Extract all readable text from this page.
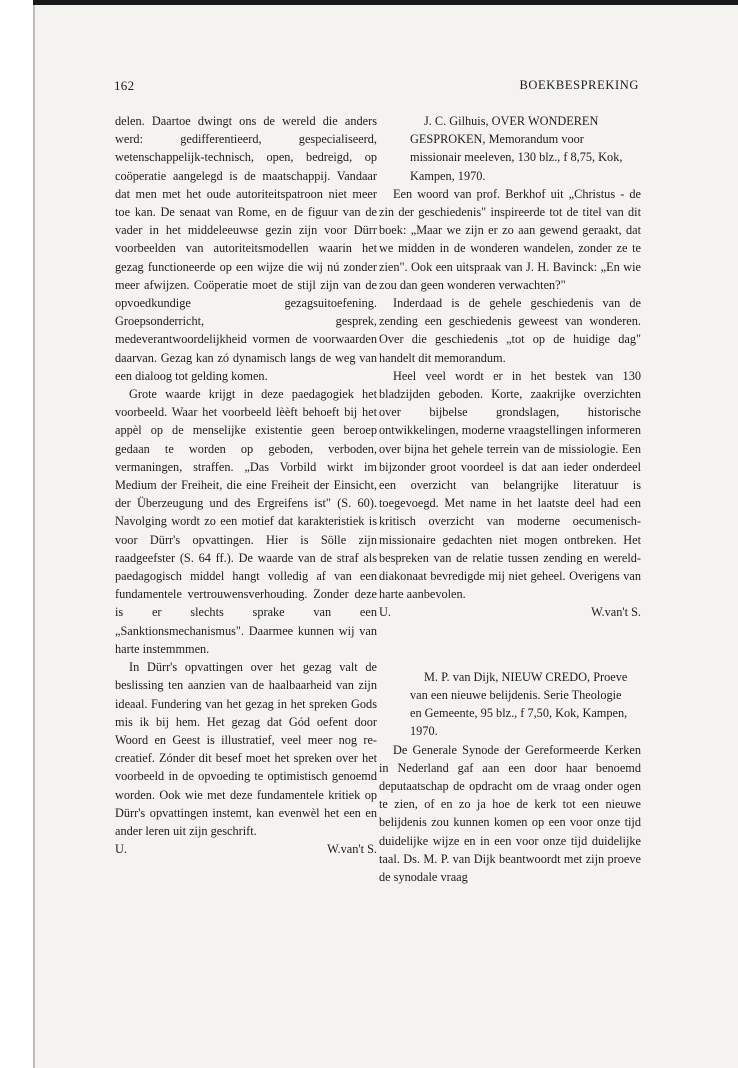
162	BOEKBESPREKING

delen. Daartoe dwingt ons de wereld die anders werd: gedifferentieerd, gespecialiseerd, wetenschappelijk-technisch, open, bedreigd, op coöperatie aangelegd is de maatschappij. Vandaar dat men met het oude autoriteitspatroon niet meer toe kan. De senaat van Rome, en de figuur van de vader in het middeleeuwse gezin zijn voor Dürr voorbeelden van autoriteitsmodellen waarin het gezag functioneerde op een wijze die wij nú zonder meer afwijzen. Coöperatie moet de stijl zijn van de opvoedkundige gezagsuitoefening. Groepsonderricht, gesprek, medeverantwoordelijkheid vormen de voorwaarden daarvan. Gezag kan zó dynamisch langs de weg van een dialoog tot gelding komen.

Grote waarde krijgt in deze paedagogiek het voorbeeld. Waar het voorbeeld lèèft behoeft bij het appèl op de menselijke existentie geen beroep gedaan te worden op geboden, verboden, vermaningen, straffen. „Das Vorbild wirkt im Medium der Freiheit, die eine Freiheit der Einsicht, der Überzeugung und des Ergreifens ist" (S. 60). Navolging wordt zo een motief dat karakteristiek is voor Dürr's opvattingen. Hier is Sölle zijn raadgeefster (S. 64 ff.). De waarde van de straf als paedagogisch middel hangt volledig af van een fundamentele vertrouwensverhouding. Zonder deze is er slechts sprake van een „Sanktionsmechanismus". Daarmee kunnen wij van harte instemmmen.

In Dürr's opvattingen over het gezag valt de beslissing ten aanzien van de haalbaarheid van zijn ideaal. Fundering van het gezag in het spreken Gods mis ik bij hem. Het gezag dat Gód oefent door Woord en Geest is illustratief, veel meer nog re-creatief. Zónder dit besef moet het spreken over het voorbeeld in de opvoeding te optimistisch genoemd worden. Ook wie met deze fundamentele kritiek op Dürr's opvattingen instemt, kan evenwèl het een en ander leren uit zijn geschrift.

U.	W.van't S.

J. C. Gilhuis, OVER WONDEREN GESPROKEN, Memorandum voor missionair meeleven, 130 blz., f 8,75, Kok, Kampen, 1970.

Een woord van prof. Berkhof uit „Christus - de zin der geschiedenis" inspireerde tot de titel van dit boek: „Maar we zijn er zo aan gewend geraakt, dat we midden in de wonderen wandelen, zonder ze te zien". Ook een uitspraak van J. H. Bavinck: „En wie zou dan geen wonderen verwachten?"

Inderdaad is de gehele geschiedenis van de zending een geschiedenis geweest van wonderen. Over die geschiedenis „tot op de huidige dag" handelt dit memorandum.

Heel veel wordt er in het bestek van 130 bladzijden geboden. Korte, zaakrijke overzichten over bijbelse grondslagen, historische ontwikkelingen, moderne vraagstellingen informeren over bijna het gehele terrein van de missiologie. Een bijzonder groot voordeel is dat aan ieder onderdeel een overzicht van belangrijke literatuur is toegevoegd. Met name in het laatste deel had een kritisch overzicht van moderne oecumenisch-missionaire gedachten niet mogen ontbreken. Het bespreken van de relatie tussen zending en wereld-diakonaat bevredigde mij niet geheel. Overigens van harte aanbevolen.

U.	W.van't S.

M. P. van Dijk, NIEUW CREDO, Proeve van een nieuwe belijdenis. Serie Theologie en Gemeente, 95 blz., f 7,50, Kok, Kampen, 1970.

De Generale Synode der Gereformeerde Kerken in Nederland gaf aan een door haar benoemd deputaatschap de opdracht om de vraag onder ogen te zien, of en zo ja hoe de kerk tot een nieuwe belijdenis zou kunnen komen op een voor onze tijd duidelijke wijze en in een voor onze tijd duidelijke taal. Ds. M. P. van Dijk beantwoordt met zijn proeve de synodale vraag
